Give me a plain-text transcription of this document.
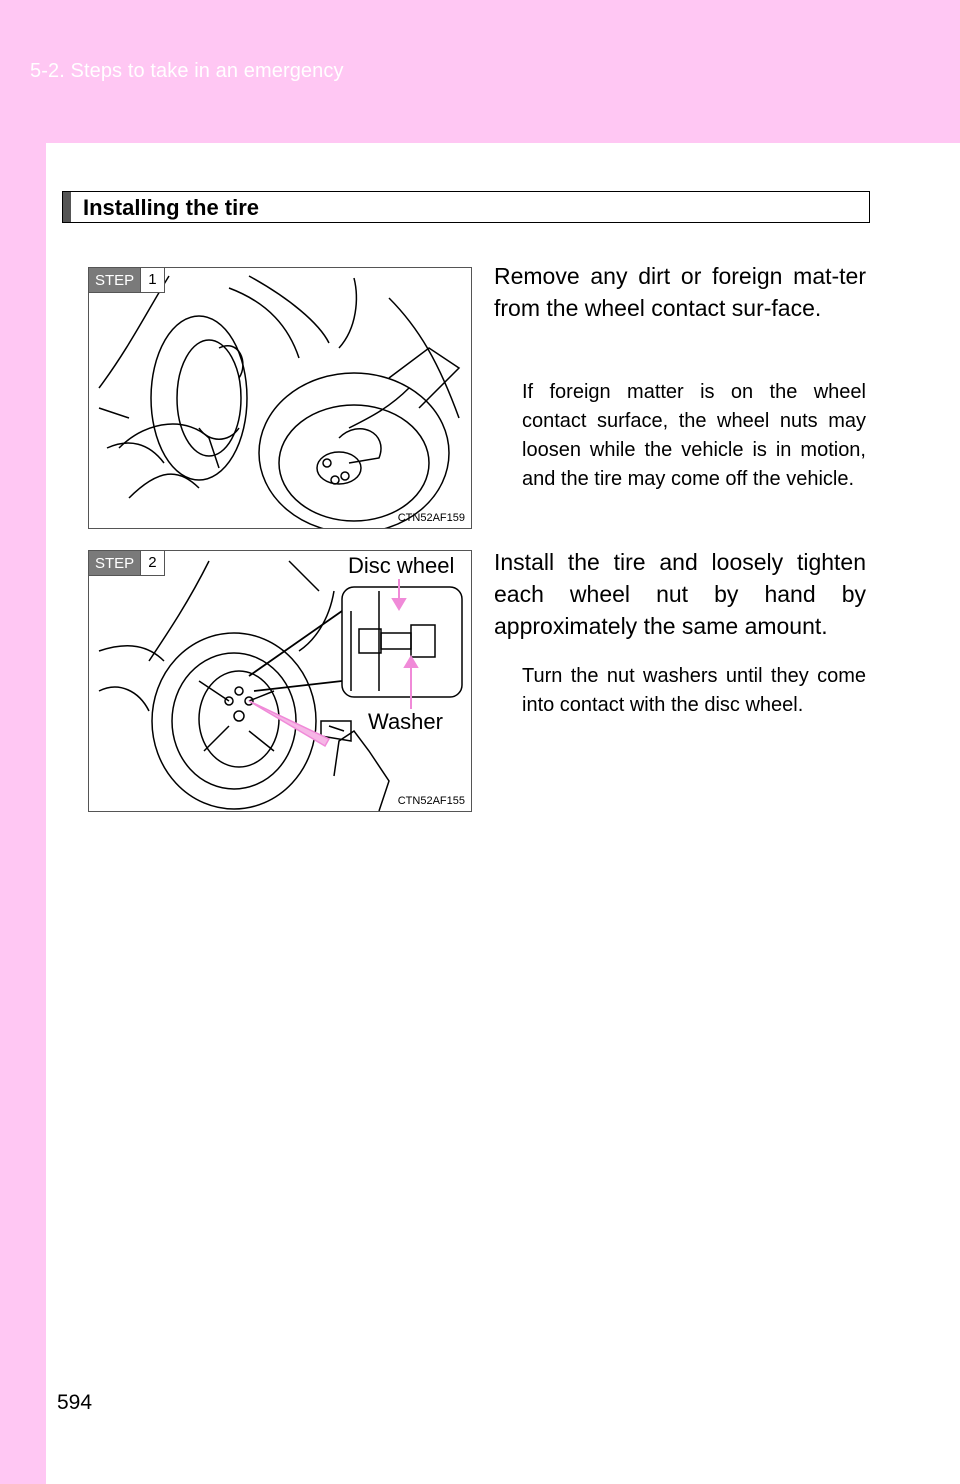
5-2. Steps to take in an emergency
Installing the tire
STEP 1
CTN52AF159

Remove any dirt or foreign mat-ter from the wheel contact sur-face.

If foreign matter is on the wheel contact surface, the wheel nuts may loosen while the vehicle is in motion, and the tire may come off the vehicle.

STEP 2	Disc wheel
Washer
CTN52AF155

Install the tire and loosely tighten each wheel nut by hand by approximately the same amount.

Turn the nut washers until they come into contact with the disc wheel.

594
